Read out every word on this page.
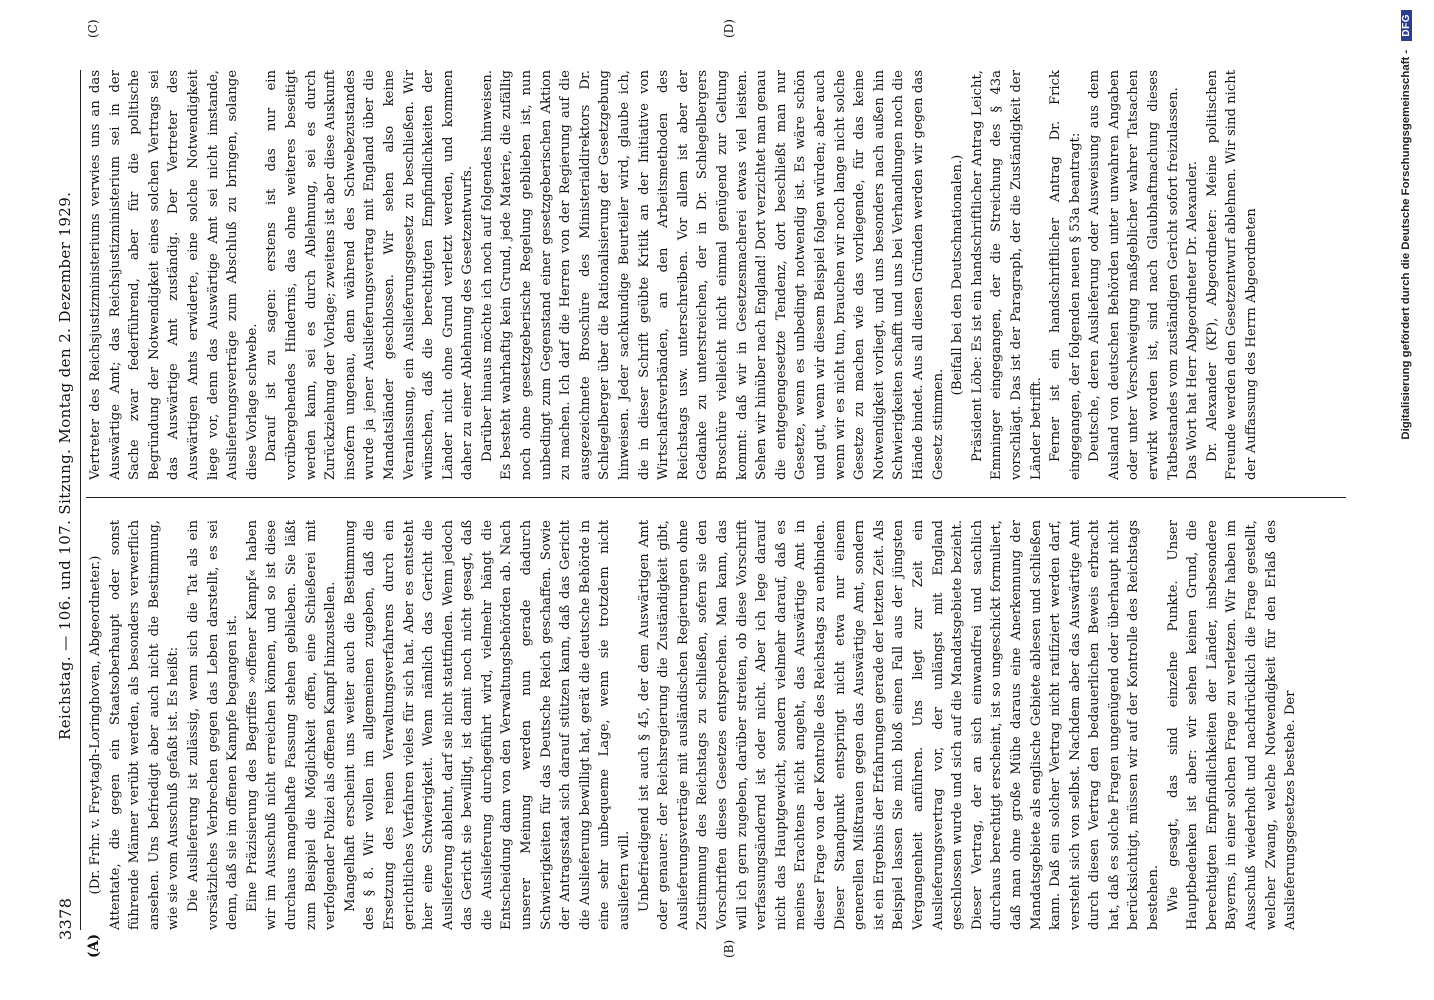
3378
Reichstag. — 106. und 107. Sitzung. Montag den 2. Dezember 1929.
(A)	(B)
(C)	(D)

(Dr. Frhr. v. Freytagh-Loringhoven, Abgeordneter.) Attentate, die gegen ein Staatsoberhaupt oder sonst führende Männer verübt werden, als besonders verwerflich ansehen. Uns befriedigt aber auch nicht die Bestimmung, wie sie vom Ausschuß gefaßt ist. Es heißt: Die Auslieferung ist zulässig, wenn sich die Tat als ein vorsätzliches Verbrechen gegen das Leben darstellt, es sei denn, daß sie im offenen Kampfe begangen ist. Eine Präzisierung des Begriffes »offener Kampf« haben wir im Ausschuß nicht erreichen können, und so ist diese durchaus mangelhafte Fassung stehen geblieben. Sie läßt zum Beispiel die Möglichkeit offen, eine Schießerei mit verfolgender Polizei als offenen Kampf hinzustellen. Mangelhaft erscheint uns weiter auch die Bestimmung des § 8. Wir wollen im allgemeinen zugeben, daß die Ersetzung des reinen Verwaltungsverfahrens durch ein gerichtliches Verfahren vieles für sich hat. Aber es entsteht hier eine Schwierigkeit. Wenn nämlich das Gericht die Auslieferung ablehnt, darf sie nicht stattfinden. Wenn jedoch das Gericht sie bewilligt, ist damit noch nicht gesagt, daß die Auslieferung durchgeführt wird, vielmehr hängt die Entscheidung dann von den Verwaltungsbehörden ab. Nach unserer Meinung werden nun gerade dadurch Schwierigkeiten für das Deutsche Reich geschaffen. Sowie der Antragsstaat sich darauf stützen kann, daß das Gericht die Auslieferung bewilligt hat, gerät die deutsche Behörde in eine sehr unbequeme Lage, wenn sie trotzdem nicht ausliefern will. Unbefriedigend ist auch § 45, der dem Auswärtigen Amt oder genauer: der Reichsregierung die Zuständigkeit gibt, Auslieferungsverträge mit ausländischen Regierungen ohne Zustimmung des Reichstags zu schließen, sofern sie den Vorschriften dieses Gesetzes entsprechen. Man kann, das will ich gern zugeben, darüber streiten, ob diese Vorschrift verfassungsändernd ist oder nicht. Aber ich lege darauf nicht das Hauptgewicht, sondern vielmehr darauf, daß es meines Erachtens nicht angeht, das Auswärtige Amt in dieser Frage von der Kontrolle des Reichstags zu entbinden. Dieser Standpunkt entspringt nicht etwa nur einem generellen Mißtrauen gegen das Auswärtige Amt, sondern ist ein Ergebnis der Erfahrungen gerade der letzten Zeit. Als Beispiel lassen Sie mich bloß einen Fall aus der jüngsten Vergangenheit anführen. Uns liegt zur Zeit ein Auslieferungsvertrag vor, der unlängst mit England geschlossen wurde und sich auf die Mandatsgebiete bezieht. Dieser Vertrag, der an sich einwandfrei und sachlich durchaus berechtigt erscheint, ist so ungeschickt formuliert, daß man ohne große Mühe daraus eine Anerkennung der Mandatsgebiete als englische Gebiete ablesen und schließen kann. Daß ein solcher Vertrag nicht ratifiziert werden darf, versteht sich von selbst. Nachdem aber das Auswärtige Amt durch diesen Vertrag den bedauerlichen Beweis erbracht hat, daß es solche Fragen ungenügend oder überhaupt nicht berücksichtigt, müssen wir auf der Kontrolle des Reichstags bestehen. Wie gesagt, das sind einzelne Punkte. Unser Hauptbedenken ist aber: wir sehen keinen Grund, die berechtigten Empfindlichkeiten der Länder, insbesondere Bayerns, in einer solchen Frage zu verletzen. Wir haben im Ausschuß wiederholt und nachdrücklich die Frage gestellt, welcher Zwang, welche Notwendigkeit für den Erlaß des Auslieferungsgesetzes bestehe. Der

Vertreter des Reichsjustizministeriums verwies uns an das Auswärtige Amt; das Reichsjustizministerium sei in der Sache zwar federführend, aber für die politische Begründung der Notwendigkeit eines solchen Vertrags sei das Auswärtige Amt zuständig. Der Vertreter des Auswärtigen Amts erwiderte, eine solche Notwendigkeit liege vor, denn das Auswärtige Amt sei nicht imstande, Auslieferungsverträge zum Abschluß zu bringen, solange diese Vorlage schwebe. Darauf ist zu sagen: erstens ist das nur ein vorübergehendes Hindernis, das ohne weiteres beseitigt werden kann, sei es durch Ablehnung, sei es durch Zurückziehung der Vorlage; zweitens ist aber diese Auskunft insofern ungenau, denn während des Schwebezustandes wurde ja jener Auslieferungsvertrag mit England über die Mandatsländer geschlossen. Wir sehen also keine Veranlassung, ein Auslieferungsgesetz zu beschließen. Wir wünschen, daß die berechtigten Empfindlichkeiten der Länder nicht ohne Grund verletzt werden, und kommen daher zu einer Ablehnung des Gesetzentwurfs. Darüber hinaus möchte ich noch auf folgendes hinweisen. Es besteht wahrhaftig kein Grund, jede Materie, die zufällig noch ohne gesetzgeberische Regelung geblieben ist, nun unbedingt zum Gegenstand einer gesetzgeberischen Aktion zu machen. Ich darf die Herren von der Regierung auf die ausgezeichnete Broschüre des Ministerialdirektors Dr. Schlegelberger über die Rationalisierung der Gesetzgebung hinweisen. Jeder sachkundige Beurteiler wird, glaube ich, die in dieser Schrift geübte Kritik an der Initiative von Wirtschaftsverbänden, an den Arbeitsmethoden des Reichstags usw. unterschreiben. Vor allem ist aber der Gedanke zu unterstreichen, der in Dr. Schlegelbergers Broschüre vielleicht nicht einmal genügend zur Geltung kommt: daß wir in Gesetzesmacherei etwas viel leisten. Sehen wir hinüber nach England! Dort verzichtet man genau die entgegengesetzte Tendenz, dort beschließt man nur Gesetze, wenn es unbedingt notwendig ist. Es wäre schön und gut, wenn wir diesem Beispiel folgen würden; aber auch wenn wir es nicht tun, brauchen wir noch lange nicht solche Gesetze zu machen wie das vorliegende, für das keine Notwendigkeit vorliegt, und uns besonders nach außen hin Schwierigkeiten schafft und uns bei Verhandlungen noch die Hände bindet. Aus all diesen Gründen werden wir gegen das Gesetz stimmen.

(Beifall bei den Deutschnationalen.) Präsident Löbe: Es ist ein handschriftlicher Antrag Leicht, Emminger eingegangen, der die Streichung des § 43a vorschlägt. Das ist der Paragraph, der die Zuständigkeit der Länder betrifft. Ferner ist ein handschriftlicher Antrag Dr. Frick eingegangen, der folgenden neuen § 53a beantragt: Deutsche, deren Auslieferung oder Ausweisung aus dem Ausland von deutschen Behörden unter unwahren Angaben oder unter Verschweigung maßgeblicher wahrer Tatsachen erwirkt worden ist, sind nach Glaubhaftmachung dieses Tatbestandes vom zuständigen Gericht sofort freizulassen. Das Wort hat Herr Abgeordneter Dr. Alexander. Dr. Alexander (KP), Abgeordneter: Meine politischen Freunde werden den Gesetzentwurf ablehnen. Wir sind nicht der Auffassung des Herrn Abgeordneten	Digitalisierung gefördert durch die Deutsche Forschungsgemeinschaft - DFG
